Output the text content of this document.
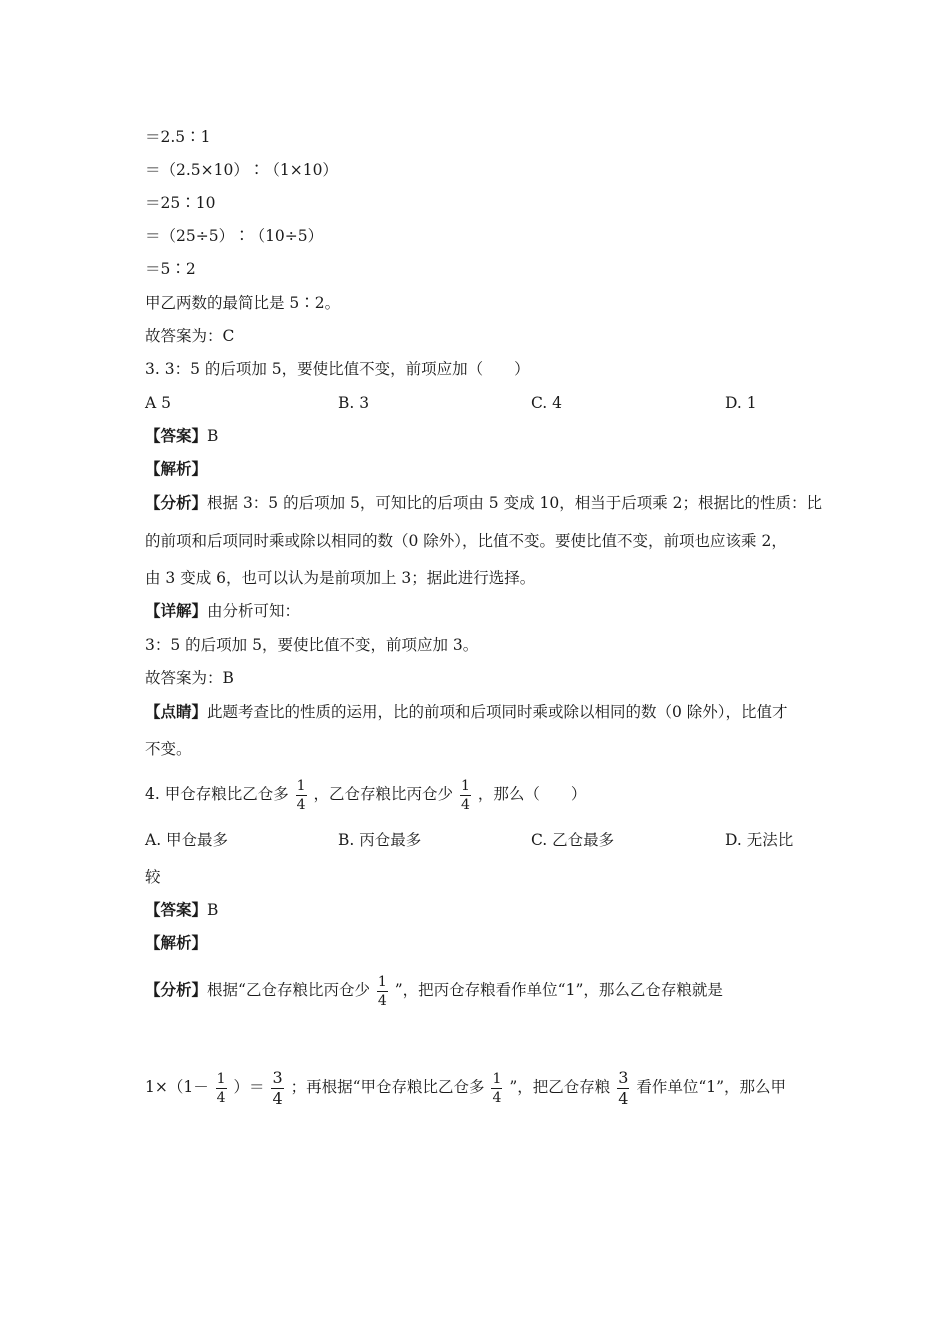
＝2.5∶1
＝（2.5×10）∶（1×10）
＝25∶10
＝（25÷5）∶（10÷5）
＝5∶2
甲乙两数的最简比是 5∶2。
故答案为：C
3. 3：5 的后项加 5，要使比值不变，前项应加（　　）
A 5	B. 3	C. 4	D. 1
【答案】B
【解析】
【分析】根据 3：5 的后项加 5，可知比的后项由 5 变成 10，相当于后项乘 2；根据比的性质：比
的前项和后项同时乘或除以相同的数（0 除外），比值不变。要使比值不变，前项也应该乘 2，
由 3 变成 6，也可以认为是前项加上 3；据此进行选择。
【详解】由分析可知：
3：5 的后项加 5，要使比值不变，前项应加 3。
故答案为：B
【点睛】此题考查比的性质的运用，比的前项和后项同时乘或除以相同的数（0 除外），比值才
不变。
4. 甲仓存粮比乙仓多 $\frac{1}{4}$ ，乙仓存粮比丙仓少 $\frac{1}{4}$ ，那么（　　）
A. 甲仓最多	B. 丙仓最多	C. 乙仓最多	D. 无法比
较
【答案】B
【解析】
【分析】根据“乙仓存粮比丙仓少 $\frac{1}{4}$ ”，把丙仓存粮看作单位“1”，那么乙仓存粮就是
$1\times(1- \frac{1}{4}$ ）＝ $\frac{3}{4}$ ；再根据“甲仓存粮比乙仓多 $\frac{1}{4}$ ”，把乙仓存粮 $\frac{3}{4}$ 看作单位“1”，那么甲
